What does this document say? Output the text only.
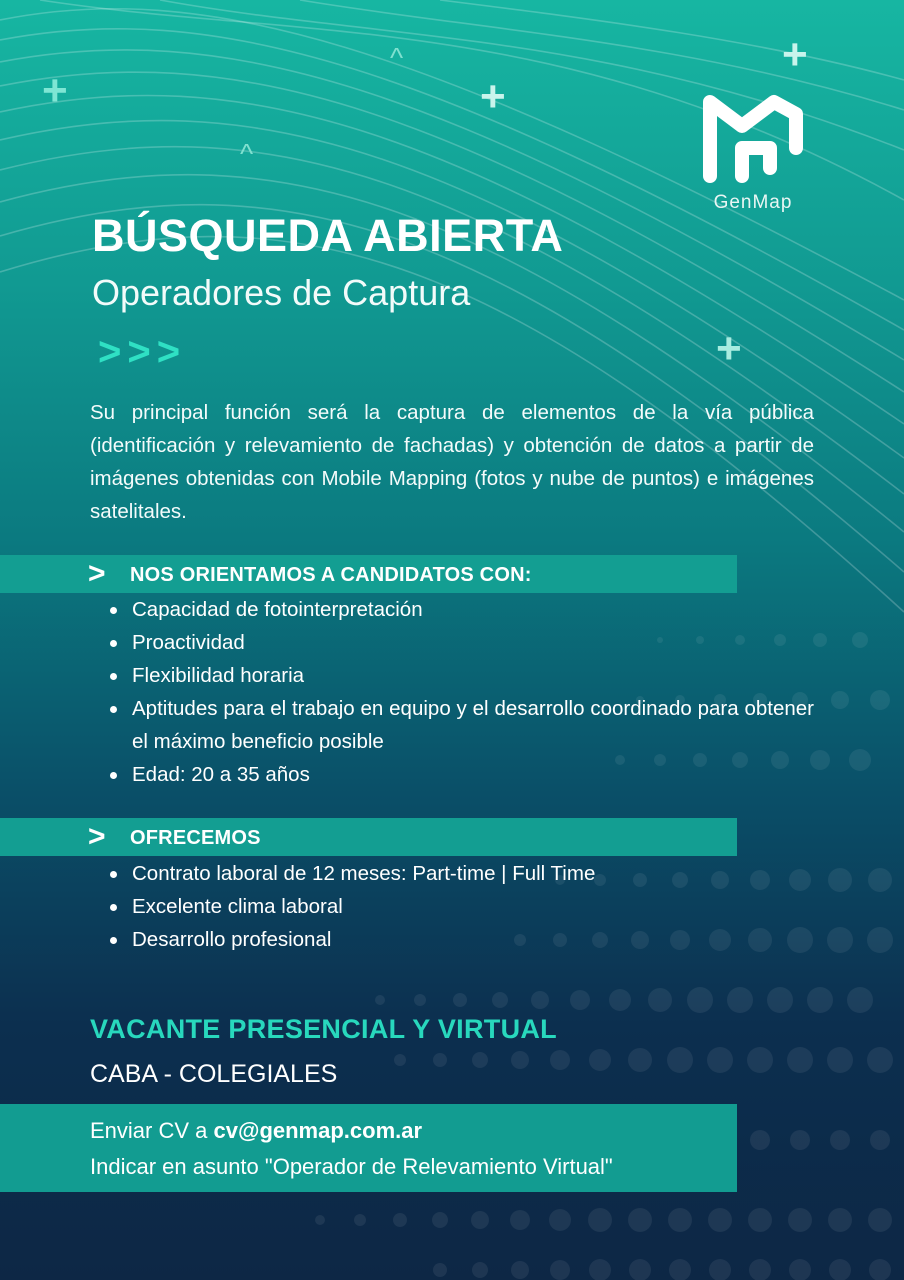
+	+
+
+
^
^
GenMap
BÚSQUEDA ABIERTA
Operadores de Captura
>>>

Su principal función será la captura de elementos de la vía pública (identificación y relevamiento de fachadas) y obtención de datos a partir de imágenes obtenidas con Mobile Mapping (fotos y nube de puntos) e imágenes satelitales.

> NOS ORIENTAMOS A CANDIDATOS CON:
Capacidad de fotointerpretación
Proactividad
Flexibilidad horaria
Aptitudes para el trabajo en equipo y el desarrollo coordinado para obtener el máximo beneficio posible
Edad: 20 a 35 años
> OFRECEMOS
Contrato laboral de 12 meses: Part-time | Full Time
Excelente clima laboral
Desarrollo profesional
VACANTE PRESENCIAL Y VIRTUAL
CABA - COLEGIALES
Enviar CV a cv@genmap.com.ar
Indicar en asunto "Operador de Relevamiento Virtual"
